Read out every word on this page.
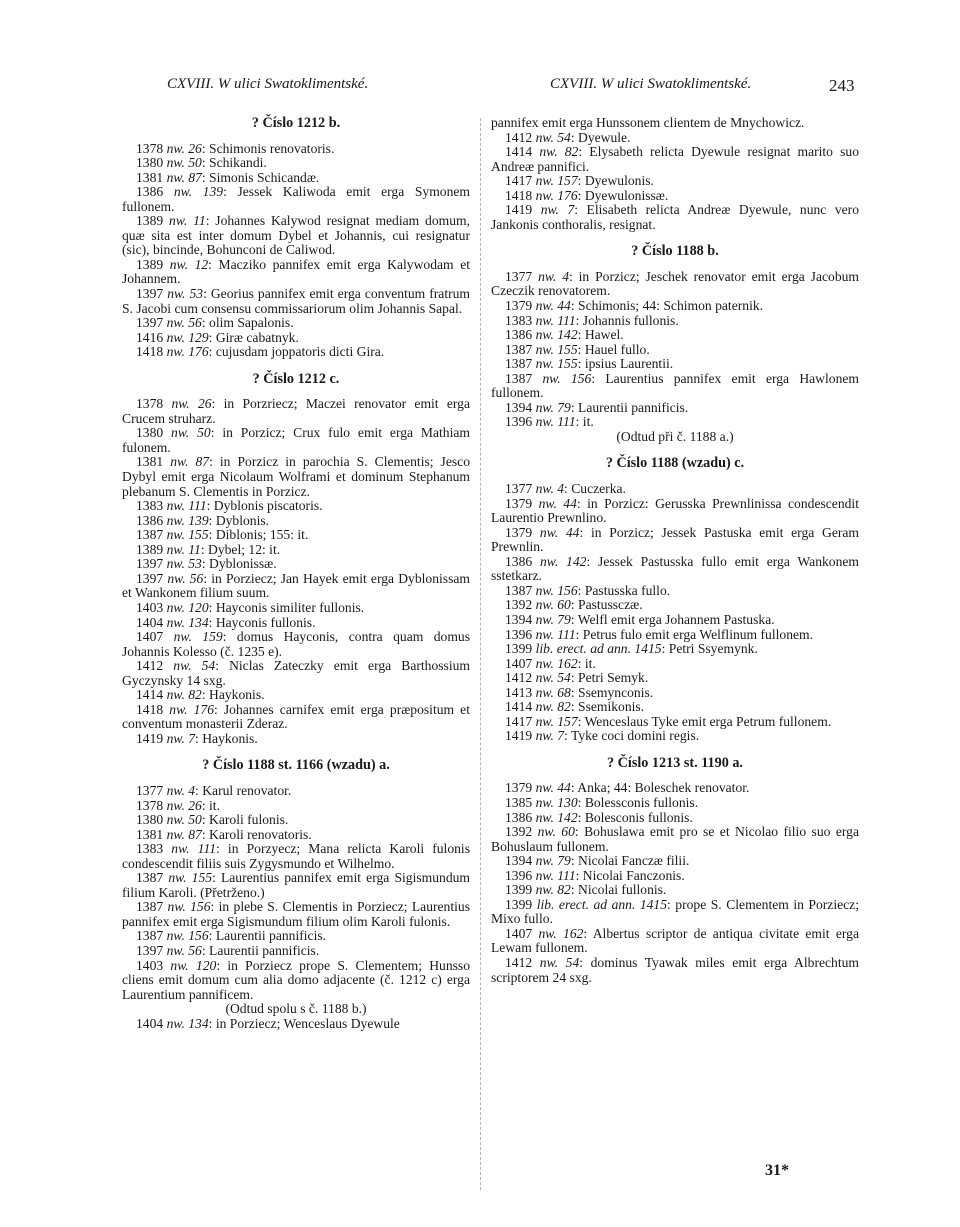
CXVIII. W ulici Swatoklimentské.	CXVIII. W ulici Swatoklimentské.	243
? Číslo 1212 b.

1378 nw. 26: Schimonis renovatoris.

1380 nw. 50: Schikandi.

1381 nw. 87: Simonis Schicandæ.

1386 nw. 139: Jessek Kaliwoda emit erga Symonem fullonem.

1389 nw. 11: Johannes Kalywod resignat mediam domum, quæ sita est inter domum Dybel et Johannis, cui resignatur (sic), bincinde, Bohunconi de Caliwod.

1389 nw. 12: Macziko pannifex emit erga Kalywodam et Johannem.

1397 nw. 53: Georius pannifex emit erga conventum fratrum S. Jacobi cum consensu commissariorum olim Johannis Sapal.

1397 nw. 56: olim Sapalonis.

1416 nw. 129: Giræ cabatnyk.

1418 nw. 176: cujusdam joppatoris dicti Gira.

? Číslo 1212 c.

1378 nw. 26: in Porzriecz; Maczei renovator emit erga Crucem struharz.

1380 nw. 50: in Porzicz; Crux fulo emit erga Mathiam fulonem.

1381 nw. 87: in Porzicz in parochia S. Clementis; Jesco Dybyl emit erga Nicolaum Wolframi et dominum Stephanum plebanum S. Clementis in Porzicz.

1383 nw. 111: Dyblonis piscatoris.

1386 nw. 139: Dyblonis.

1387 nw. 155: Diblonis; 155: it.

1389 nw. 11: Dybel; 12: it.

1397 nw. 53: Dyblonissæ.

1397 nw. 56: in Porziecz; Jan Hayek emit erga Dyblonissam et Wankonem filium suum.

1403 nw. 120: Hayconis similiter fullonis.

1404 nw. 134: Hayconis fullonis.

1407 nw. 159: domus Hayconis, contra quam domus Johannis Kolesso (č. 1235 e).

1412 nw. 54: Niclas Zateczky emit erga Barthossium Gyczynsky 14 sxg.

1414 nw. 82: Haykonis.

1418 nw. 176: Johannes carnifex emit erga præpositum et conventum monasterii Zderaz.

1419 nw. 7: Haykonis.

? Číslo 1188 st. 1166 (wzadu) a.

1377 nw. 4: Karul renovator.

1378 nw. 26: it.

1380 nw. 50: Karoli fulonis.

1381 nw. 87: Karoli renovatoris.

1383 nw. 111: in Porzyecz; Mana relicta Karoli fulonis condescendit filiis suis Zygysmundo et Wilhelmo.

1387 nw. 155: Laurentius pannifex emit erga Sigismundum filium Karoli. (Přetrženo.)

1387 nw. 156: in plebe S. Clementis in Porziecz; Laurentius pannifex emit erga Sigismundum filium olim Karoli fulonis.

1387 nw. 156: Laurentii pannificis.

1397 nw. 56: Laurentii pannificis.

1403 nw. 120: in Porziecz prope S. Clementem; Hunsso cliens emit domum cum alia domo adjacente (č. 1212 c) erga Laurentium pannificem.

(Odtud spolu s č. 1188 b.)

1404 nw. 134: in Porziecz; Wenceslaus Dyewule

pannifex emit erga Hunssonem clientem de Mnychowicz.

1412 nw. 54: Dyewule.

1414 nw. 82: Elysabeth relicta Dyewule resignat marito suo Andreæ pannifici.

1417 nw. 157: Dyewulonis.

1418 nw. 176: Dyewulonissæ.

1419 nw. 7: Elisabeth relicta Andreæ Dyewule, nunc vero Jankonis conthoralis, resignat.

? Číslo 1188 b.

1377 nw. 4: in Porzicz; Jeschek renovator emit erga Jacobum Czeczik renovatorem.

1379 nw. 44: Schimonis; 44: Schimon paternik.

1383 nw. 111: Johannis fullonis.

1386 nw. 142: Hawel.

1387 nw. 155: Hauel fullo.

1387 nw. 155: ipsius Laurentii.

1387 nw. 156: Laurentius pannifex emit erga Hawlonem fullonem.

1394 nw. 79: Laurentii pannificis.

1396 nw. 111: it.

(Odtud při č. 1188 a.)

? Číslo 1188 (wzadu) c.

1377 nw. 4: Cuczerka.

1379 nw. 44: in Porzicz: Gerusska Prewnlinissa condescendit Laurentio Prewnlino.

1379 nw. 44: in Porzicz; Jessek Pastuska emit erga Geram Prewnlin.

1386 nw. 142: Jessek Pastusska fullo emit erga Wankonem sstetkarz.

1387 nw. 156: Pastusska fullo.

1392 nw. 60: Pastussczæ.

1394 nw. 79: Welfl emit erga Johannem Pastuska.

1396 nw. 111: Petrus fulo emit erga Welflinum fullonem.

1399 lib. erect. ad ann. 1415: Petri Ssyemynk.

1407 nw. 162: it.

1412 nw. 54: Petri Semyk.

1413 nw. 68: Ssemynconis.

1414 nw. 82: Ssemikonis.

1417 nw. 157: Wenceslaus Tyke emit erga Petrum fullonem.

1419 nw. 7: Tyke coci domini regis.

? Číslo 1213 st. 1190 a.

1379 nw. 44: Anka; 44: Boleschek renovator.

1385 nw. 130: Bolessconis fullonis.

1386 nw. 142: Bolesconis fullonis.

1392 nw. 60: Bohuslawa emit pro se et Nicolao filio suo erga Bohuslaum fullonem.

1394 nw. 79: Nicolai Fanczæ filii.

1396 nw. 111: Nicolai Fanczonis.

1399 nw. 82: Nicolai fullonis.

1399 lib. erect. ad ann. 1415: prope S. Clementem in Porziecz; Mixo fullo.

1407 nw. 162: Albertus scriptor de antiqua civitate emit erga Lewam fullonem.

1412 nw. 54: dominus Tyawak miles emit erga Albrechtum scriptorem 24 sxg.

31*
